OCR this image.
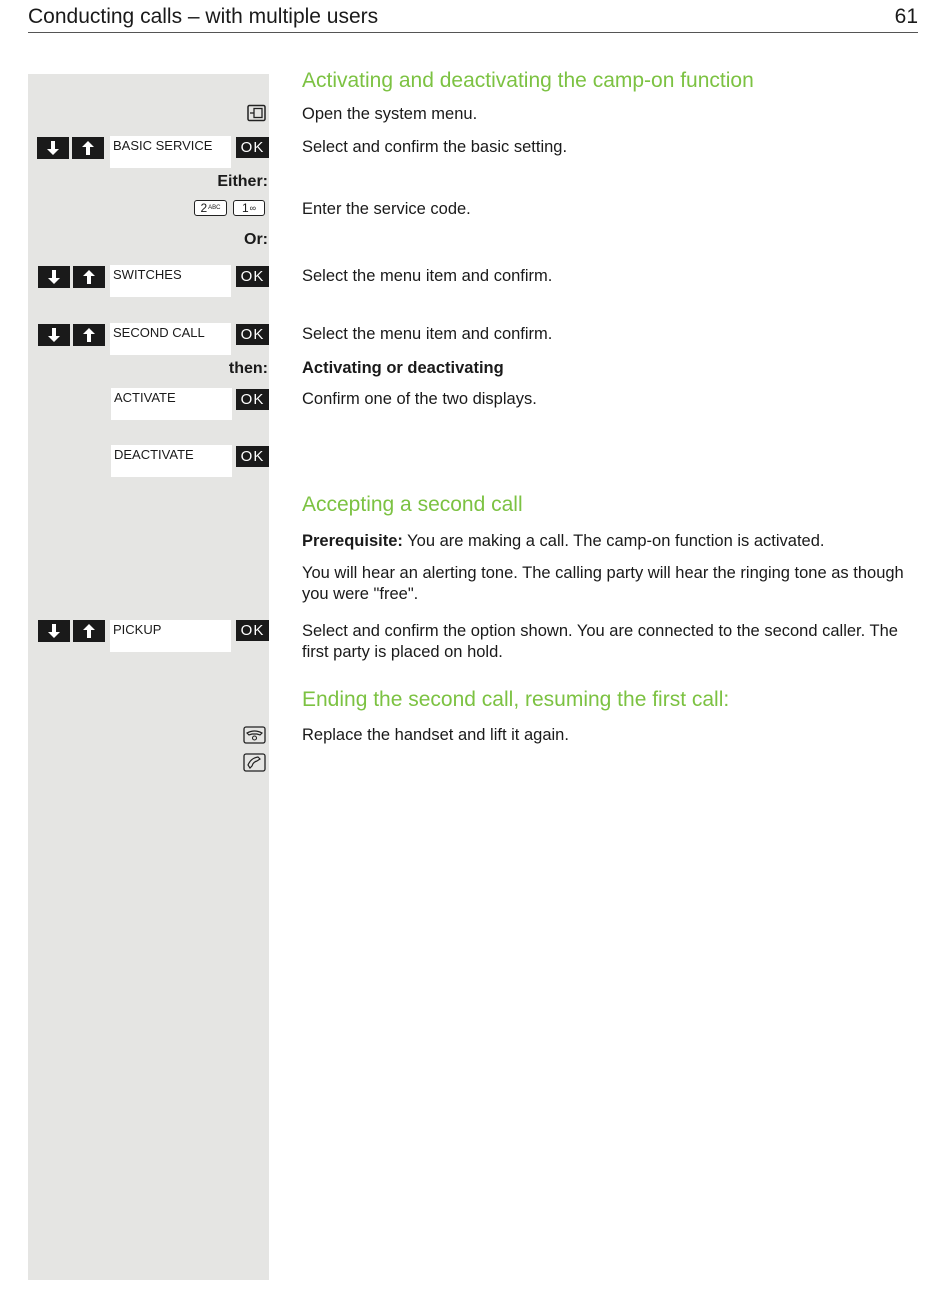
Conducting calls – with multiple users	61
Activating and deactivating the camp-on function
Open the system menu.
BASIC SERVICE	OK Select and confirm the basic setting.
Either:
2 ABC 1 ∞	Enter the service code.
Or:
SWITCHES	OK Select the menu item and confirm.
SECOND CALL	OK Select the menu item and confirm.
then: Activating or deactivating
ACTIVATE	OK Confirm one of the two displays.
DEACTIVATE	OK
Accepting a second call
Prerequisite: You are making a call. The camp-on function is activated.
You will hear an alerting tone. The calling party will hear the ringing tone as though you were "free".
PICKUP	OK Select and confirm the option shown. You are connected to the second caller. The first party is placed on hold.
Ending the second call, resuming the first call:
Replace the handset and lift it again.
